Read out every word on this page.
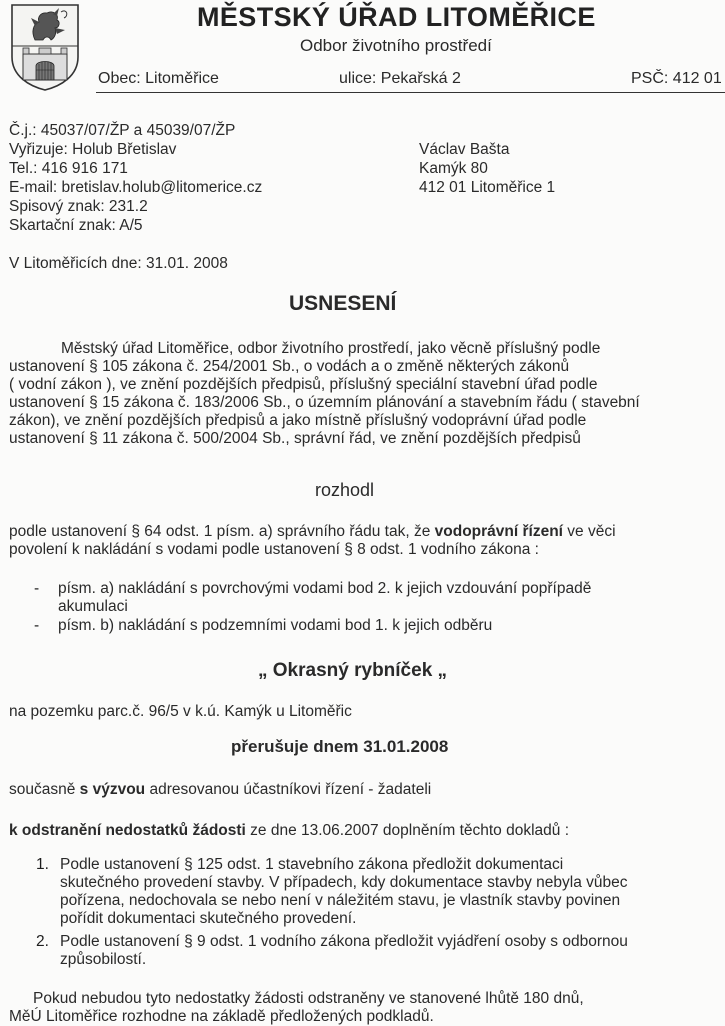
MĚSTSKÝ ÚŘAD LITOMĚŘICE
Odbor životního prostředí
Obec: Litoměřice	ulice: Pekařská 2	PSČ: 412 01
Č.j.: 45037/07/ŽP a 45039/07/ŽP
Vyřizuje: Holub Břetislav
Tel.: 416 916 171
E-mail: bretislav.holub@litomerice.cz
Spisový znak: 231.2
Skartační znak: A/5
V Litoměřicích dne: 31.01. 2008
Václav Bašta
Kamýk 80
412 01 Litoměřice 1
USNESENÍ
Městský úřad Litoměřice, odbor životního prostředí, jako věcně příslušný podle
ustanovení § 105 zákona č. 254/2001 Sb., o vodách a o změně některých zákonů
( vodní zákon ), ve znění pozdějších předpisů, příslušný speciální stavební úřad podle
ustanovení § 15 zákona č. 183/2006 Sb., o územním plánování a stavebním řádu ( stavební
zákon), ve znění pozdějších předpisů a jako místně příslušný vodoprávní úřad podle
ustanovení § 11 zákona č. 500/2004 Sb., správní řád, ve znění pozdějších předpisů
rozhodl
podle ustanovení § 64 odst. 1 písm. a) správního řádu tak, že vodoprávní řízení ve věci
povolení k nakládání s vodami podle ustanovení § 8 odst. 1 vodního zákona :
- písm. a) nakládání s povrchovými vodami bod 2. k jejich vzdouvání popřípadě
akumulaci
- písm. b) nakládání s podzemními vodami bod 1. k jejich odběru
„ Okrasný rybníček „
na pozemku parc.č. 96/5 v k.ú. Kamýk u Litoměřic
přerušuje dnem 31.01.2008
současně s výzvou adresovanou účastníkovi řízení - žadateli
k odstranění nedostatků žádosti ze dne 13.06.2007 doplněním těchto dokladů :
1. Podle ustanovení § 125 odst. 1 stavebního zákona předložit dokumentaci
skutečného provedení stavby. V případech, kdy dokumentace stavby nebyla vůbec
pořízena, nedochovala se nebo není v náležitém stavu, je vlastník stavby povinen
pořídit dokumentaci skutečného provedení.
2. Podle ustanovení § 9 odst. 1 vodního zákona předložit vyjádření osoby s odbornou
způsobilostí.
Pokud nebudou tyto nedostatky žádosti odstraněny ve stanovené lhůtě 180 dnů,
MěÚ Litoměřice rozhodne na základě předložených podkladů.
